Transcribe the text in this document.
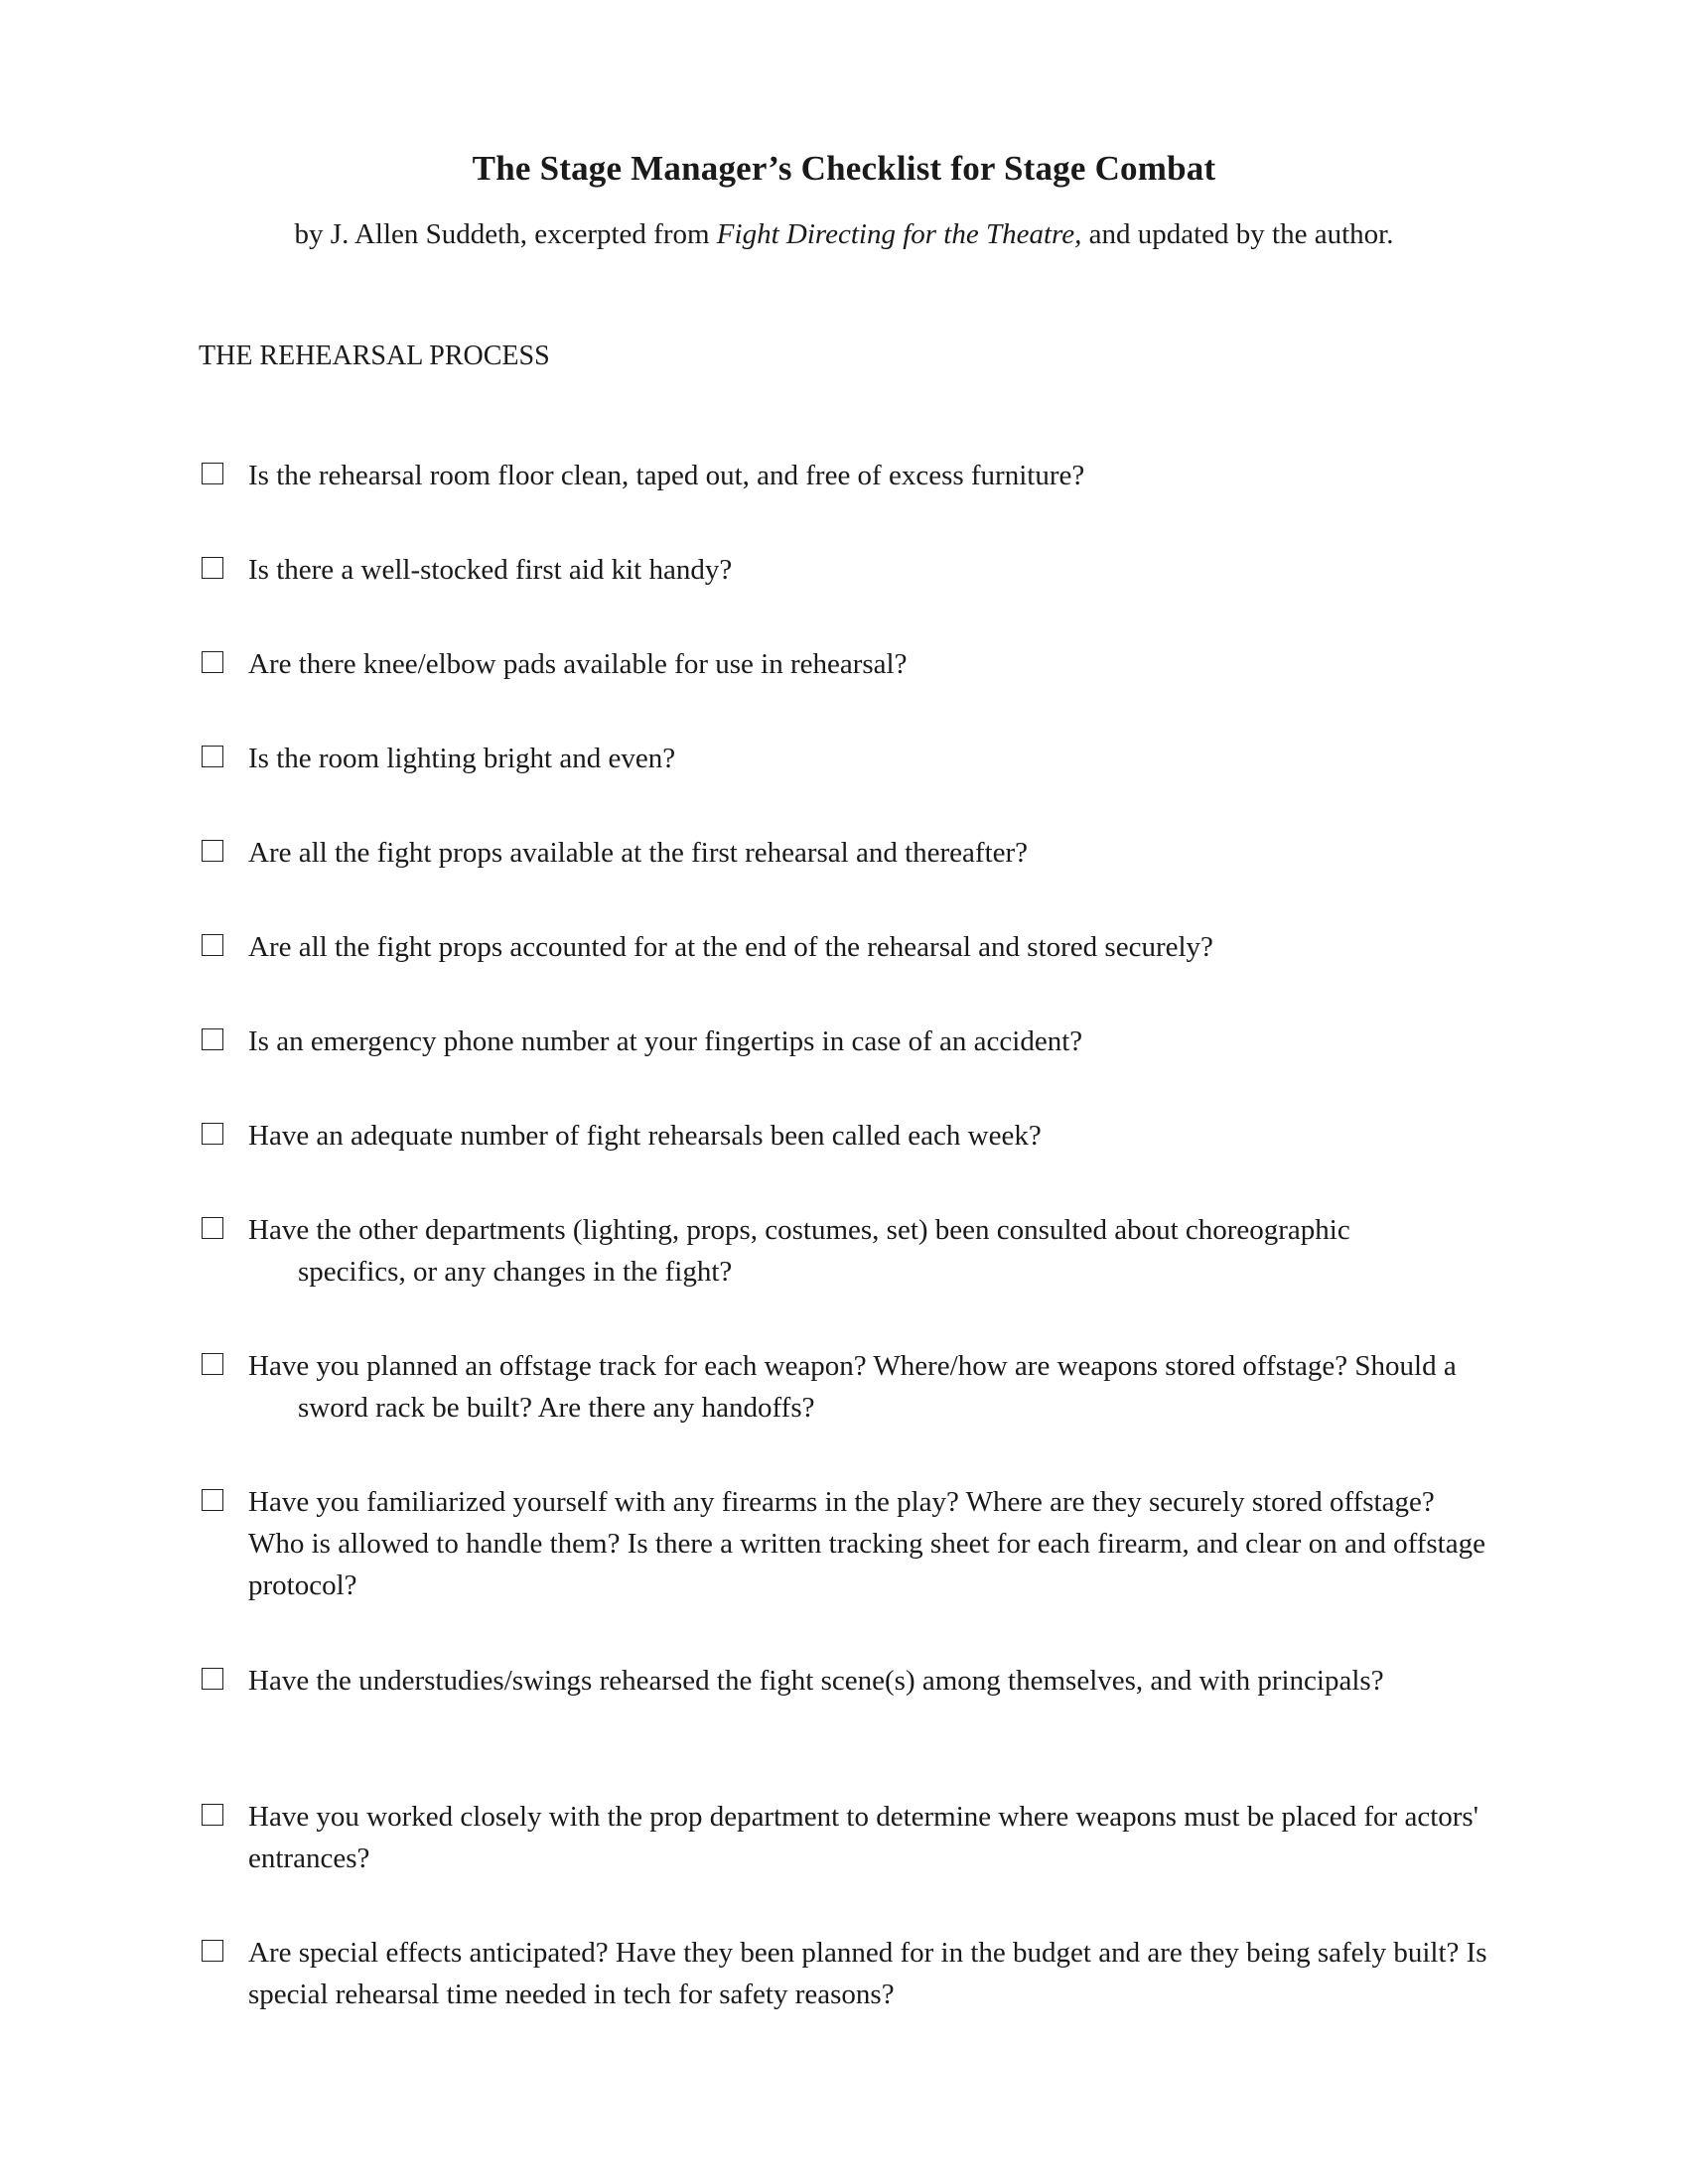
The Stage Manager’s Checklist for Stage Combat

by J. Allen Suddeth, excerpted from Fight Directing for the Theatre, and updated by the author.

THE REHEARSAL PROCESS

Is the rehearsal room floor clean, taped out, and free of excess furniture?

Is there a well-stocked first aid kit handy?

Are there knee/elbow pads available for use in rehearsal?

Is the room lighting bright and even?

Are all the fight props available at the first rehearsal and thereafter?

Are all the fight props accounted for at the end of the rehearsal and stored securely?

Is an emergency phone number at your fingertips in case of an accident?

Have an adequate number of fight rehearsals been called each week?

Have the other departments (lighting, props, costumes, set) been consulted about choreographic specifics, or any changes in the fight?

Have you planned an offstage track for each weapon? Where/how are weapons stored offstage? Should a sword rack be built? Are there any handoffs?

Have you familiarized yourself with any firearms in the play? Where are they securely stored offstage? Who is allowed to handle them? Is there a written tracking sheet for each firearm, and clear on and offstage protocol?

Have the understudies/swings rehearsed the fight scene(s) among themselves, and with principals?

Have you worked closely with the prop department to determine where weapons must be placed for actors' entrances?

Are special effects anticipated? Have they been planned for in the budget and are they being safely built? Is special rehearsal time needed in tech for safety reasons?
